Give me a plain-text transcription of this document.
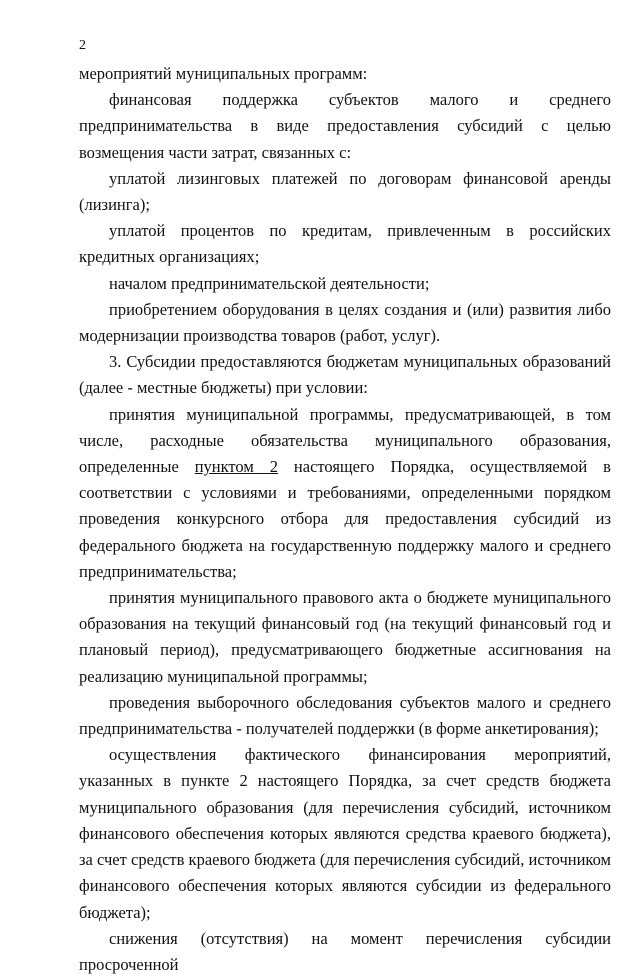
2

мероприятий муниципальных программ:

финансовая поддержка субъектов малого и среднего предпринимательства в виде предоставления субсидий с целью возмещения части затрат, связанных с:

уплатой лизинговых платежей по договорам финансовой аренды (лизинга);

уплатой процентов по кредитам, привлеченным в российских кредитных организациях;

началом предпринимательской деятельности;

приобретением оборудования в целях создания и (или) развития либо модернизации производства товаров (работ, услуг).

3. Субсидии предоставляются бюджетам муниципальных образований (далее - местные бюджеты) при условии:

принятия муниципальной программы, предусматривающей, в том числе, расходные обязательства муниципального образования, определенные пунктом 2 настоящего Порядка, осуществляемой в соответствии с условиями и требованиями, определенными порядком проведения конкурсного отбора для предоставления субсидий из федерального бюджета на государственную поддержку малого и среднего предпринимательства;

принятия муниципального правового акта о бюджете муниципального образования на текущий финансовый год (на текущий финансовый год и плановый период), предусматривающего бюджетные ассигнования на реализацию муниципальной программы;

проведения выборочного обследования субъектов малого и среднего предпринимательства - получателей поддержки (в форме анкетирования);

осуществления фактического финансирования мероприятий, указанных в пункте 2 настоящего Порядка, за счет средств бюджета муниципального образования (для перечисления субсидий, источником финансового обеспечения которых являются средства краевого бюджета), за счет средств краевого бюджета (для перечисления субсидий, источником финансового обеспечения которых являются субсидии из федерального бюджета);

снижения (отсутствия) на момент перечисления субсидии просроченной
